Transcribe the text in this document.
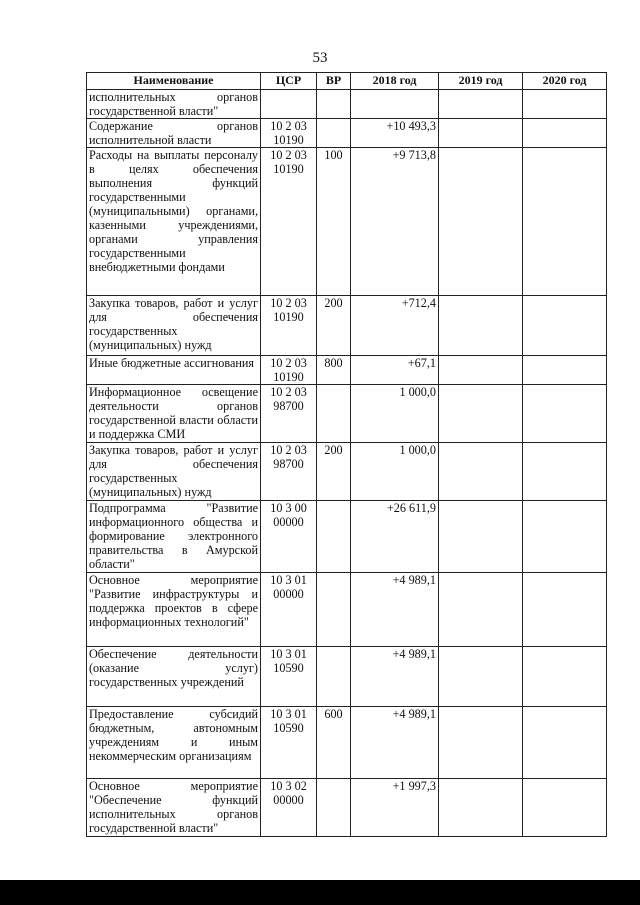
53
Наименование	ЦСР	ВР	2018 год	2019 год	2020 год
исполнительных органов государственной власти"					
Содержание органов исполнительной власти	10 2 03 10190		+10 493,3		
Расходы на выплаты персоналу в целях обеспечения выполнения функций государственными (муниципальными) органами, казенными учреждениями, органами управления государственными внебюджетными фондами	10 2 03 10190	100	+9 713,8		
Закупка товаров, работ и услуг для обеспечения государственных (муниципальных) нужд	10 2 03 10190	200	+712,4		
Иные бюджетные ассигнования	10 2 03 10190	800	+67,1		
Информационное освещение деятельности органов государственной власти области и поддержка СМИ	10 2 03 98700		1 000,0		
Закупка товаров, работ и услуг для обеспечения государственных (муниципальных) нужд	10 2 03 98700	200	1 000,0		
Подпрограмма "Развитие информационного общества и формирование электронного правительства в Амурской области"	10 3 00 00000		+26 611,9		
Основное мероприятие "Развитие инфраструктуры и поддержка проектов в сфере информационных технологий"	10 3 01 00000		+4 989,1		
Обеспечение деятельности (оказание услуг) государственных учреждений	10 3 01 10590		+4 989,1		
Предоставление субсидий бюджетным, автономным учреждениям и иным некоммерческим организациям	10 3 01 10590	600	+4 989,1		
Основное мероприятие "Обеспечение функций исполнительных органов государственной власти"	10 3 02 00000		+1 997,3		
